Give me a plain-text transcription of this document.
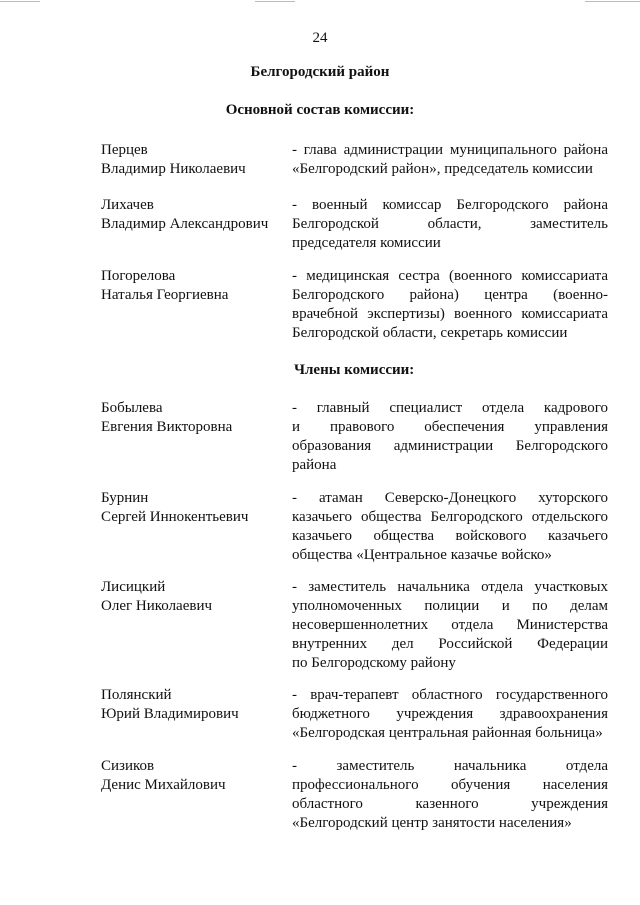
24
Белгородский район
Основной состав комиссии:
Перцев
Владимир Николаевич
- глава администрации муниципального района
«Белгородский район», председатель комиссии
Лихачев
Владимир Александрович
- военный комиссар Белгородского района
Белгородской области, заместитель
председателя комиссии
Погорелова
Наталья Георгиевна
- медицинская сестра (военного комиссариата
Белгородского района) центра (военно-
врачебной экспертизы) военного комиссариата
Белгородской области, секретарь комиссии
Члены комиссии:
Бобылева
Евгения Викторовна
- главный специалист отдела кадрового
и правового обеспечения управления
образования администрации Белгородского
района
Бурнин
Сергей Иннокентьевич
- атаман Северско-Донецкого хуторского
казачьего общества Белгородского отдельского
казачьего общества войскового казачьего
общества «Центральное казачье войско»
Лисицкий
Олег Николаевич
- заместитель начальника отдела участковых
уполномоченных полиции и по делам
несовершеннолетних отдела Министерства
внутренних дел Российской Федерации
по Белгородскому району
Полянский
Юрий Владимирович
- врач-терапевт областного государственного
бюджетного учреждения здравоохранения
«Белгородская центральная районная больница»
Сизиков
Денис Михайлович
- заместитель начальника отдела
профессионального обучения населения
областного казенного учреждения
«Белгородский центр занятости населения»
